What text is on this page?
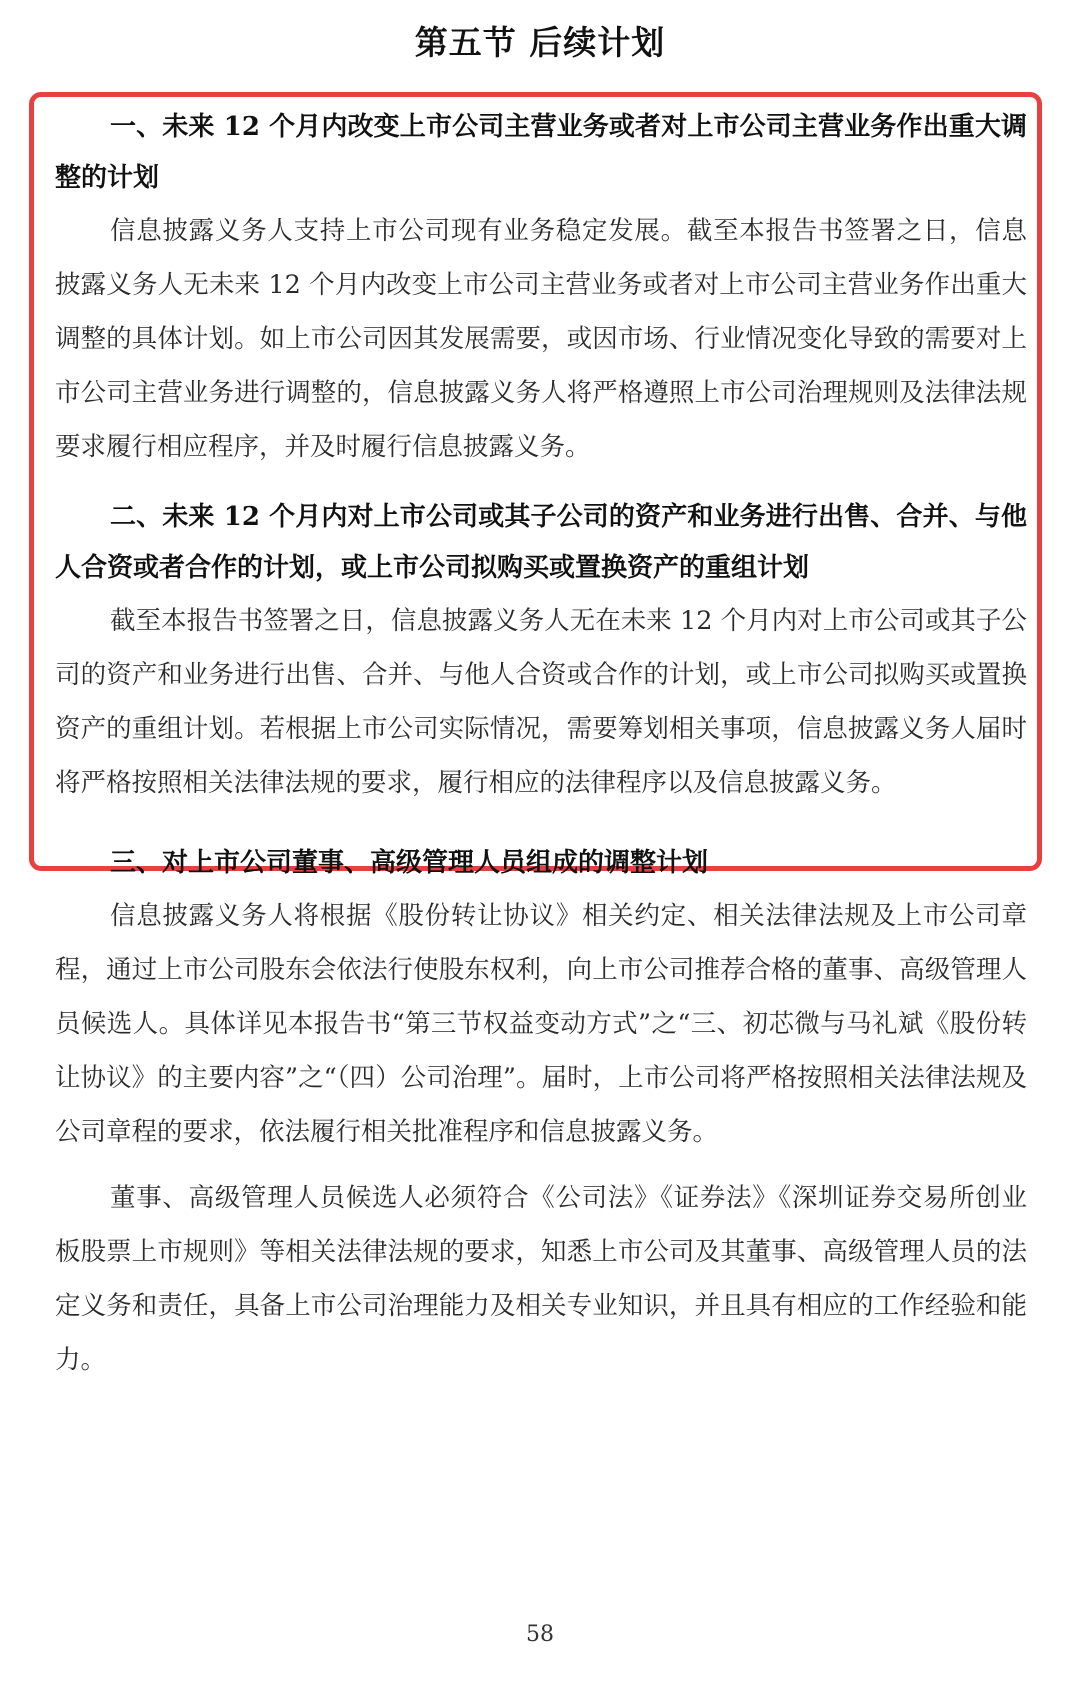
第五节 后续计划

一、未来 12 个月内改变上市公司主营业务或者对上市公司主营业务作出重大调整的计划

信息披露义务人支持上市公司现有业务稳定发展。截至本报告书签署之日，信息披露义务人无未来 12 个月内改变上市公司主营业务或者对上市公司主营业务作出重大调整的具体计划。如上市公司因其发展需要，或因市场、行业情况变化导致的需要对上市公司主营业务进行调整的，信息披露义务人将严格遵照上市公司治理规则及法律法规要求履行相应程序，并及时履行信息披露义务。

二、未来 12 个月内对上市公司或其子公司的资产和业务进行出售、合并、与他人合资或者合作的计划，或上市公司拟购买或置换资产的重组计划

截至本报告书签署之日，信息披露义务人无在未来 12 个月内对上市公司或其子公司的资产和业务进行出售、合并、与他人合资或合作的计划，或上市公司拟购买或置换资产的重组计划。若根据上市公司实际情况，需要筹划相关事项，信息披露义务人届时将严格按照相关法律法规的要求，履行相应的法律程序以及信息披露义务。

三、对上市公司董事、高级管理人员组成的调整计划

信息披露义务人将根据《股份转让协议》相关约定、相关法律法规及上市公司章程，通过上市公司股东会依法行使股东权利，向上市公司推荐合格的董事、高级管理人员候选人。具体详见本报告书“第三节权益变动方式”之“三、初芯微与马礼斌《股份转让协议》的主要内容”之“（四）公司治理”。届时，上市公司将严格按照相关法律法规及公司章程的要求，依法履行相关批准程序和信息披露义务。

董事、高级管理人员候选人必须符合《公司法》《证券法》《深圳证券交易所创业板股票上市规则》等相关法律法规的要求，知悉上市公司及其董事、高级管理人员的法定义务和责任，具备上市公司治理能力及相关专业知识，并且具有相应的工作经验和能力。

58
